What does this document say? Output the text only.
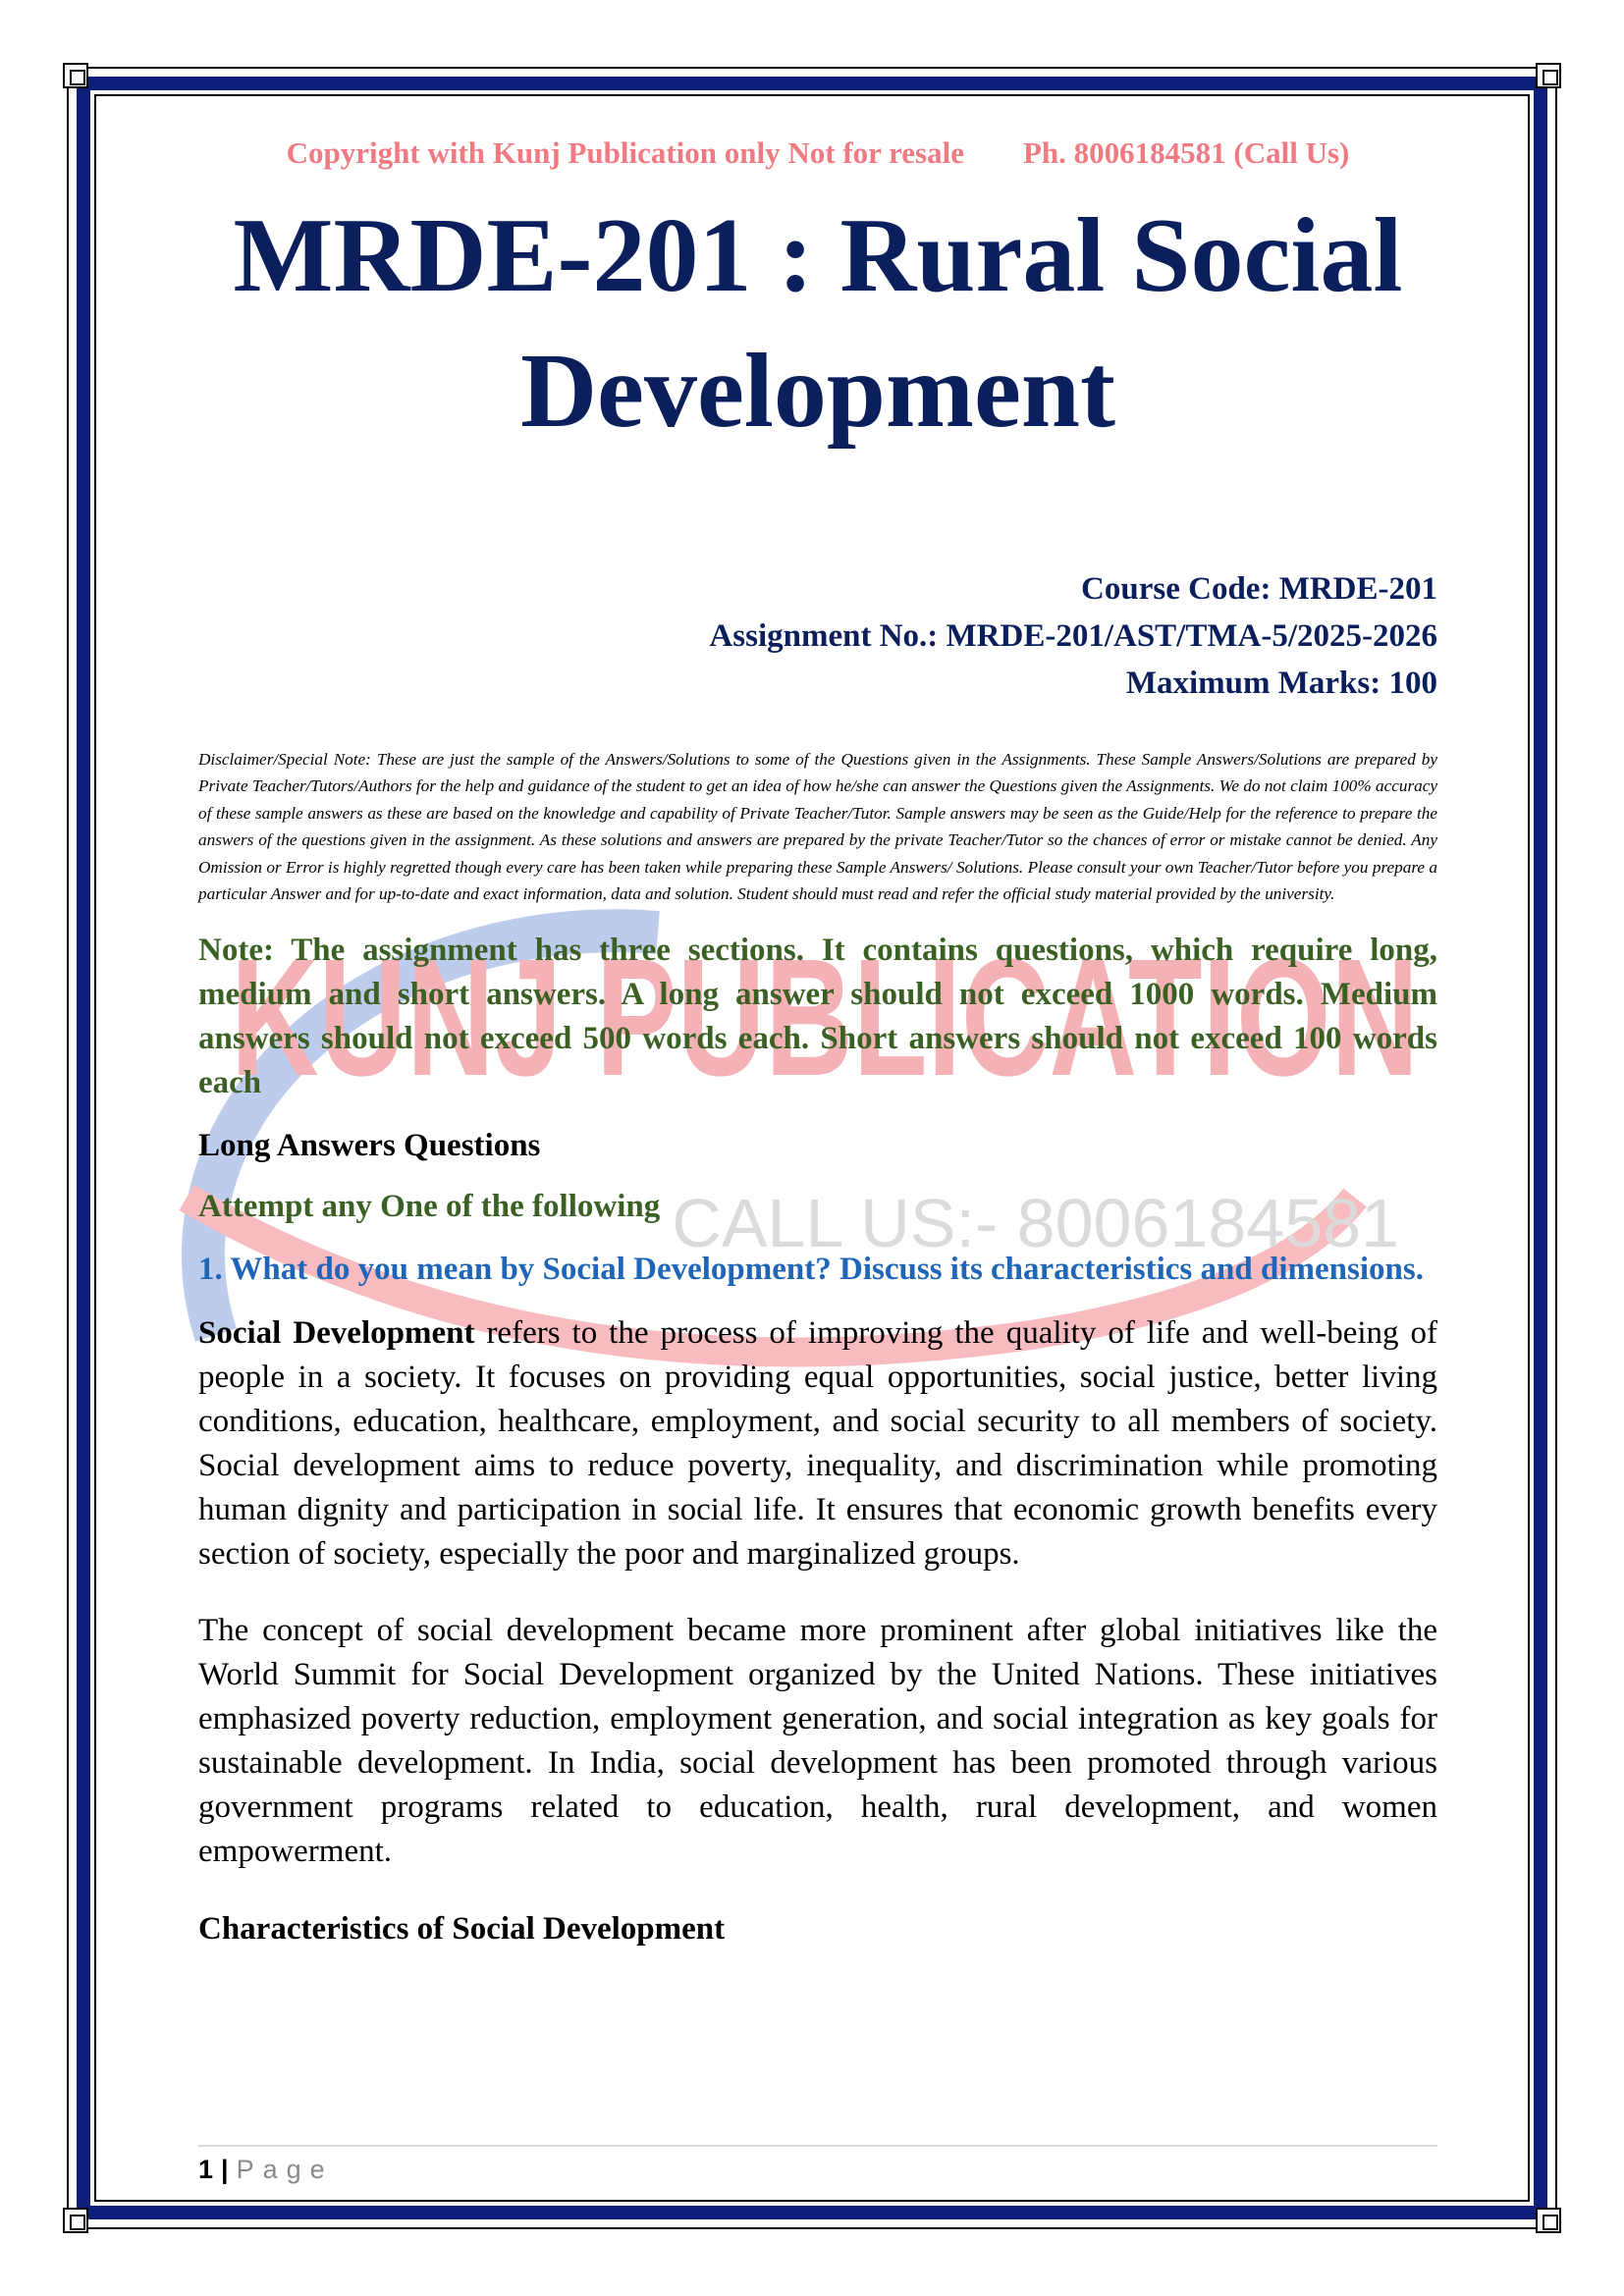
KUNJ PUBLICATION
CALL US:- 8006184581
Copyright with Kunj Publication only Not for resale Ph. 8006184581 (Call Us)
MRDE-201 : Rural Social
Development
Course Code: MRDE-201
Assignment No.: MRDE-201/AST/TMA-5/2025-2026
Maximum Marks: 100
Disclaimer/Special Note: These are just the sample of the Answers/Solutions to some of the Questions given in the Assignments. These Sample Answers/Solutions are prepared by Private Teacher/Tutors/Authors for the help and guidance of the student to get an idea of how he/she can answer the Questions given the Assignments. We do not claim 100% accuracy of these sample answers as these are based on the knowledge and capability of Private Teacher/Tutor. Sample answers may be seen as the Guide/Help for the reference to prepare the answers of the questions given in the assignment. As these solutions and answers are prepared by the private Teacher/Tutor so the chances of error or mistake cannot be denied. Any Omission or Error is highly regretted though every care has been taken while preparing these Sample Answers/ Solutions. Please consult your own Teacher/Tutor before you prepare a particular Answer and for up-to-date and exact information, data and solution. Student should must read and refer the official study material provided by the university.
Note: The assignment has three sections. It contains questions, which require long, medium and short answers. A long answer should not exceed 1000 words. Medium answers should not exceed 500 words each. Short answers should not exceed 100 words each
Long Answers Questions
Attempt any One of the following
1. What do you mean by Social Development? Discuss its characteristics and dimensions.

Social Development refers to the process of improving the quality of life and well-being of people in a society. It focuses on providing equal opportunities, social justice, better living conditions, education, healthcare, employment, and social security to all members of society. Social development aims to reduce poverty, inequality, and discrimination while promoting human dignity and participation in social life. It ensures that economic growth benefits every section of society, especially the poor and marginalized groups.

The concept of social development became more prominent after global initiatives like the World Summit for Social Development organized by the United Nations. These initiatives emphasized poverty reduction, employment generation, and social integration as key goals for sustainable development. In India, social development has been promoted through various government programs related to education, health, rural development, and women empowerment.

Characteristics of Social Development
1 | Page
